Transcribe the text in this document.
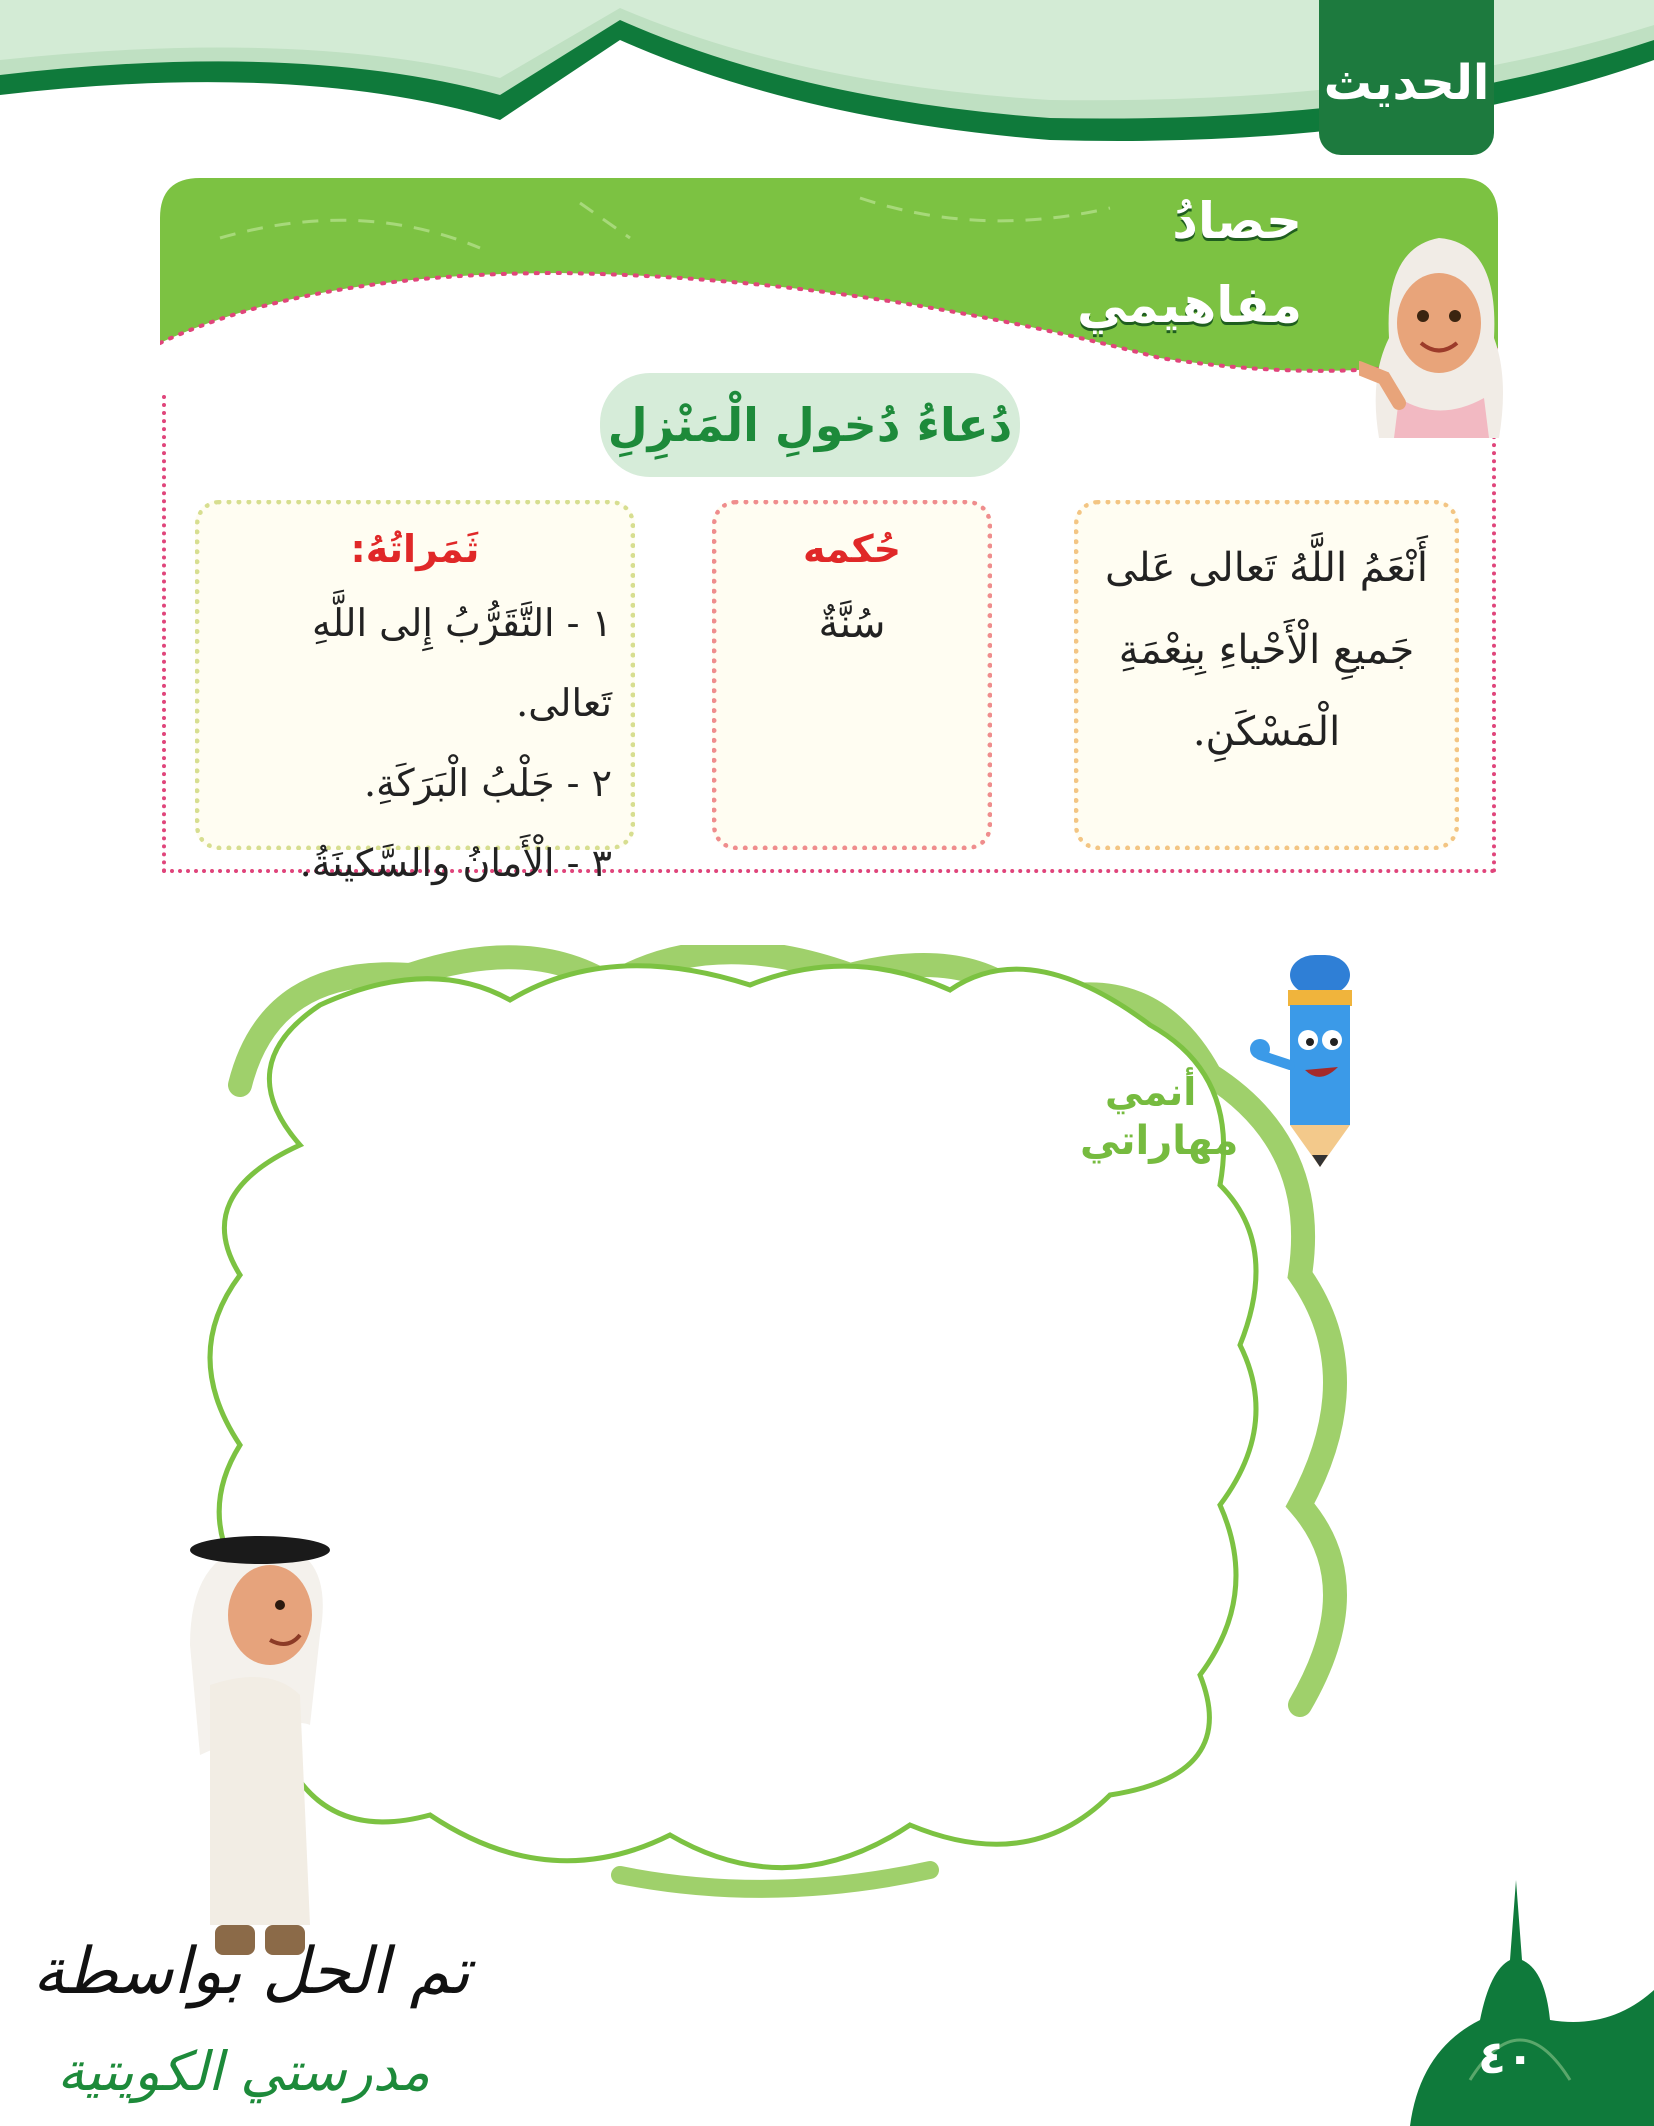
الحديث
حصادُ
مفاهيمي
دُعاءُ دُخولِ الْمَنْزِلِ
أَنْعَمُ اللَّهُ تَعالى عَلى
جَميعِ الْأَحْياءِ بِنِعْمَةِ
الْمَسْكَنِ.
حُكمه
سُنَّةٌ
ثَمَراتُهُ:
١ - التَّقَرُّبُ إِلى اللَّهِ تَعالى.
٢ - جَلْبُ الْبَرَكَةِ.
٣ - الْأَمانُ والسَّكينَةُ.
أنمي
مهاراتي
تم الحل بواسطة
مدرستي الكويتية	٤٠
